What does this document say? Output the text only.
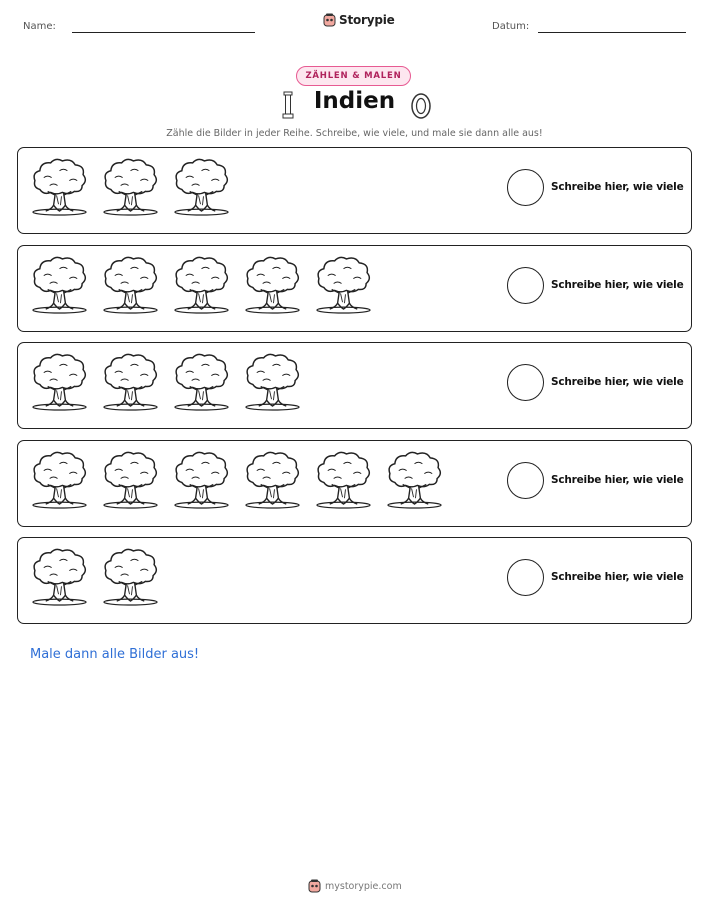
Name:	Storypie	Datum:
ZÄHLEN & MALEN
Indien
Zähle die Bilder in jeder Reihe. Schreibe, wie viele, und male sie dann alle aus!
Schreibe hier, wie viele
Schreibe hier, wie viele
Schreibe hier, wie viele
Schreibe hier, wie viele
Schreibe hier, wie viele
Male dann alle Bilder aus!
mystorypie.com
